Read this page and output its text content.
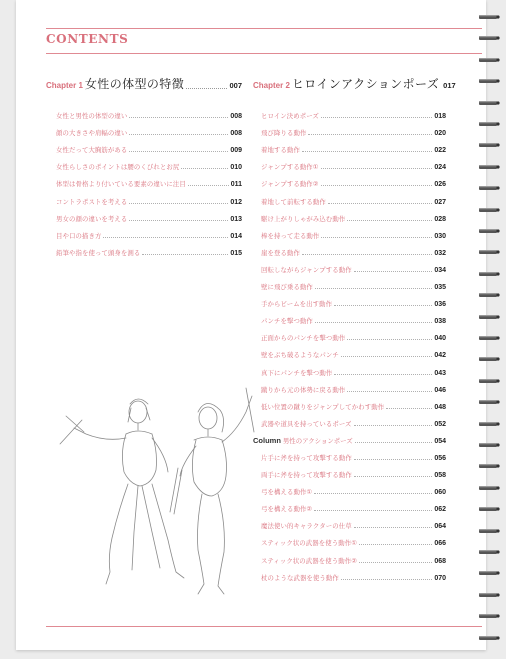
CONTENTS
Chapter 1 女性の体型の特徴	007
女性と男性の体型の違い	008
顔の大きさや肩幅の違い	008
女性だって大胸筋がある	009
女性らしさのポイントは腰のくびれとお尻	010
体型は骨格より付いている要素の違いに注目	011
コントラポストを考える	012
男女の顔の違いを考える	013
目や口の描き方	014
鉛筆や指を使って頭身を測る	015
Chapter 2 ヒロインアクションポーズ 017
ヒロイン決めポーズ	018
飛び降りる動作	020
着地する動作	022
ジャンプする動作①	024
ジャンプする動作②	026
着地して前転する動作	027
駆け上がりしゃがみ込む動作	028
棒を持って走る動作	030
崖を登る動作	032
回転しながらジャンプする動作	034
壁に飛び乗る動作	035
手からビームを出す動作	036
パンチを撃つ動作	038
正面からのパンチを撃つ動作	040
壁をぶち破るようなパンチ	042
真下にパンチを撃つ動作	043
蹴りから元の体勢に戻る動作	046
低い位置の蹴りをジャンプしてかわす動作	048
武器や道具を持っているポーズ	052
Column 男性のアクションポーズ	054
片手に斧を持って攻撃する動作	056
両手に斧を持って攻撃する動作	058
弓を構える動作①	060
弓を構える動作②	062
魔法使い的キャラクターの仕草	064
スティック状の武器を使う動作①	066
スティック状の武器を使う動作②	068
杖のような武器を使う動作	070
